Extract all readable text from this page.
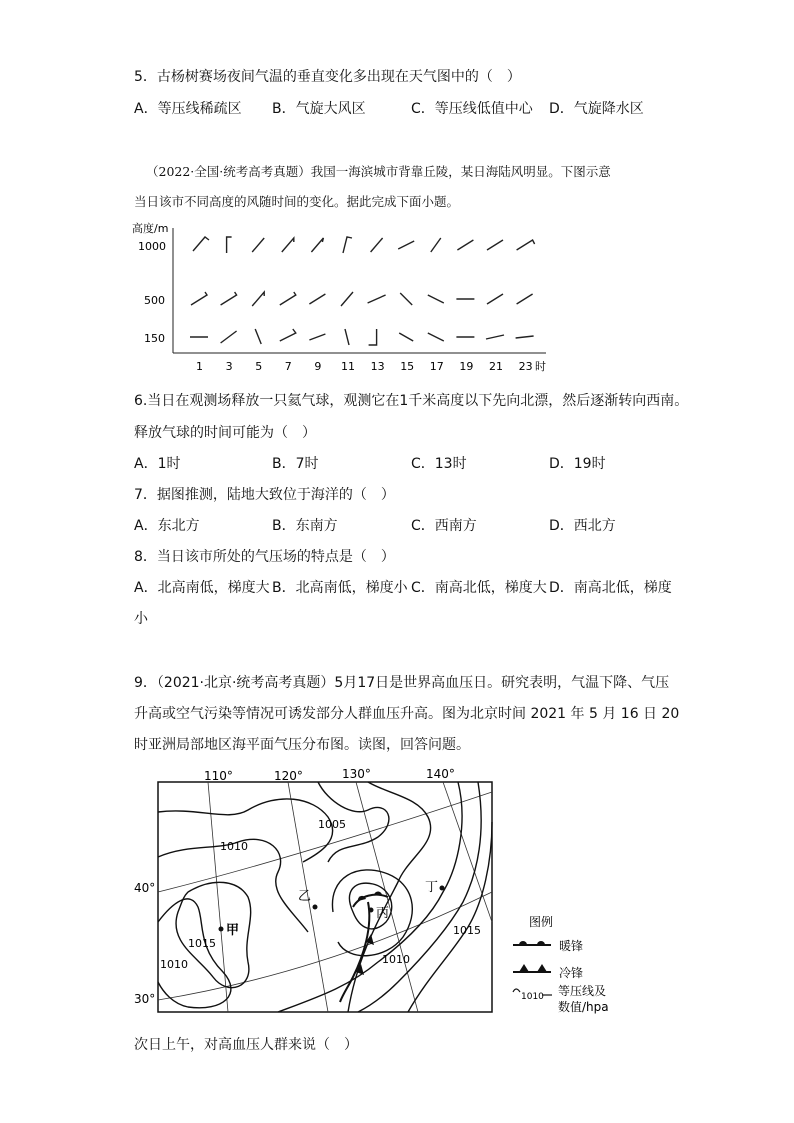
5．古杨树赛场夜间气温的垂直变化多出现在天气图中的（　）
A．等压线稀疏区 B．气旋大风区	C．等压线低值中心 D．气旋降水区
（2022·全国·统考高考真题）我国一海滨城市背靠丘陵，某日海陆风明显。下图示意
当日该市不同高度的风随时间的变化。据此完成下面小题。
高度/m
1000
500
150
1 3 5 7 9 11 13 15 17 19 21 23 时
6.当日在观测场释放一只氦气球，观测它在1千米高度以下先向北漂，然后逐渐转向西南。
释放气球的时间可能为（　）
A．1时	B．7时	C．13时	D．19时
7．据图推测，陆地大致位于海洋的（　）
A．东北方	B．东南方	C．西南方	D．西北方
8．当日该市所处的气压场的特点是（　）
A．北高南低，梯度大 B．北高南低，梯度小 C．南高北低，梯度大 D．南高北低，梯度
小
9．（2021·北京·统考高考真题）5月17日是世界高血压日。研究表明，气温下降、气压
升高或空气污染等情况可诱发部分人群血压升高。图为北京时间 2021 年 5 月 16 日 20
时亚洲局部地区海平面气压分布图。读图，回答问题。
110°	120°	130°	140°
40°
30°
1005
1010
1015
1010	1010
1015
甲
乙
丙
丁
图例
暖锋
冷锋
1010 等压线及
数值/hpa
次日上午，对高血压人群来说（　）
